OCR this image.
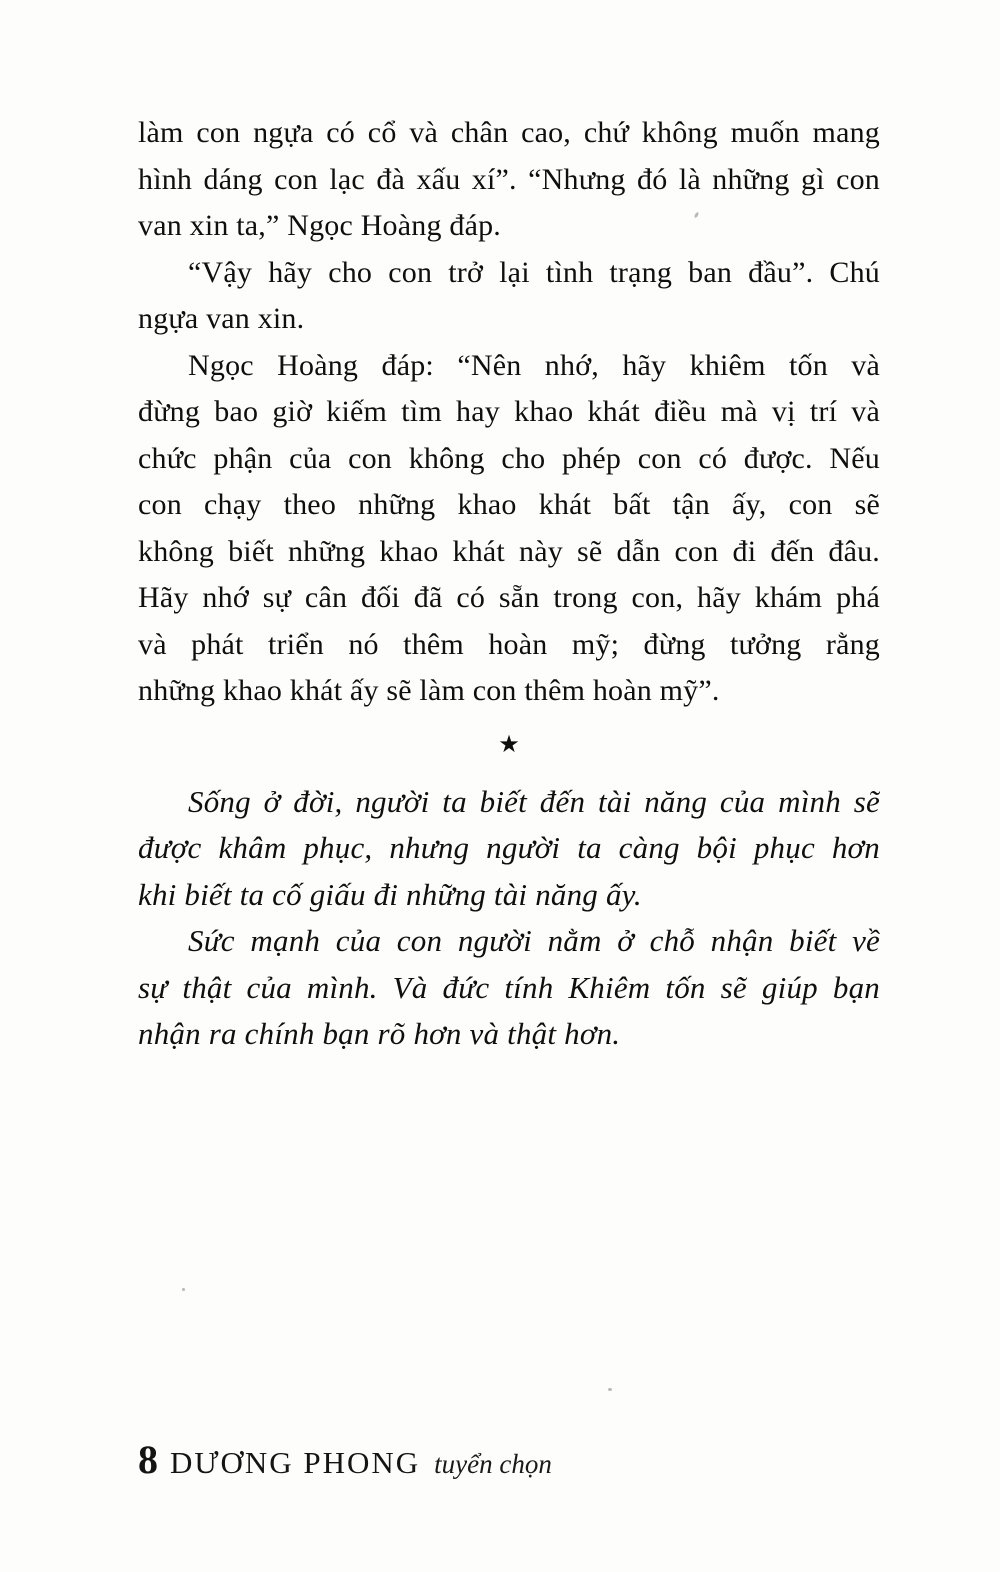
làm con ngựa có cổ và chân cao, chứ không muốn mang
hình dáng con lạc đà xấu xí”. “Nhưng đó là những gì con
van xin ta,” Ngọc Hoàng đáp.
“Vậy hãy cho con trở lại tình trạng ban đầu”. Chú
ngựa van xin.
Ngọc Hoàng đáp: “Nên nhớ, hãy khiêm tốn và
đừng bao giờ kiếm tìm hay khao khát điều mà vị trí và
chức phận của con không cho phép con có được. Nếu
con chạy theo những khao khát bất tận ấy, con sẽ
không biết những khao khát này sẽ dẫn con đi đến đâu.
Hãy nhớ sự cân đối đã có sẵn trong con, hãy khám phá
và phát triển nó thêm hoàn mỹ; đừng tưởng rằng
những khao khát ấy sẽ làm con thêm hoàn mỹ”.
★
Sống ở đời, người ta biết đến tài năng của mình sẽ
được khâm phục, nhưng người ta càng bội phục hơn
khi biết ta cố giấu đi những tài năng ấy.
Sức mạnh của con người nằm ở chỗ nhận biết về
sự thật của mình. Và đức tính Khiêm tốn sẽ giúp bạn
nhận ra chính bạn rõ hơn và thật hơn.
8 DƯƠNG PHONG tuyển chọn
